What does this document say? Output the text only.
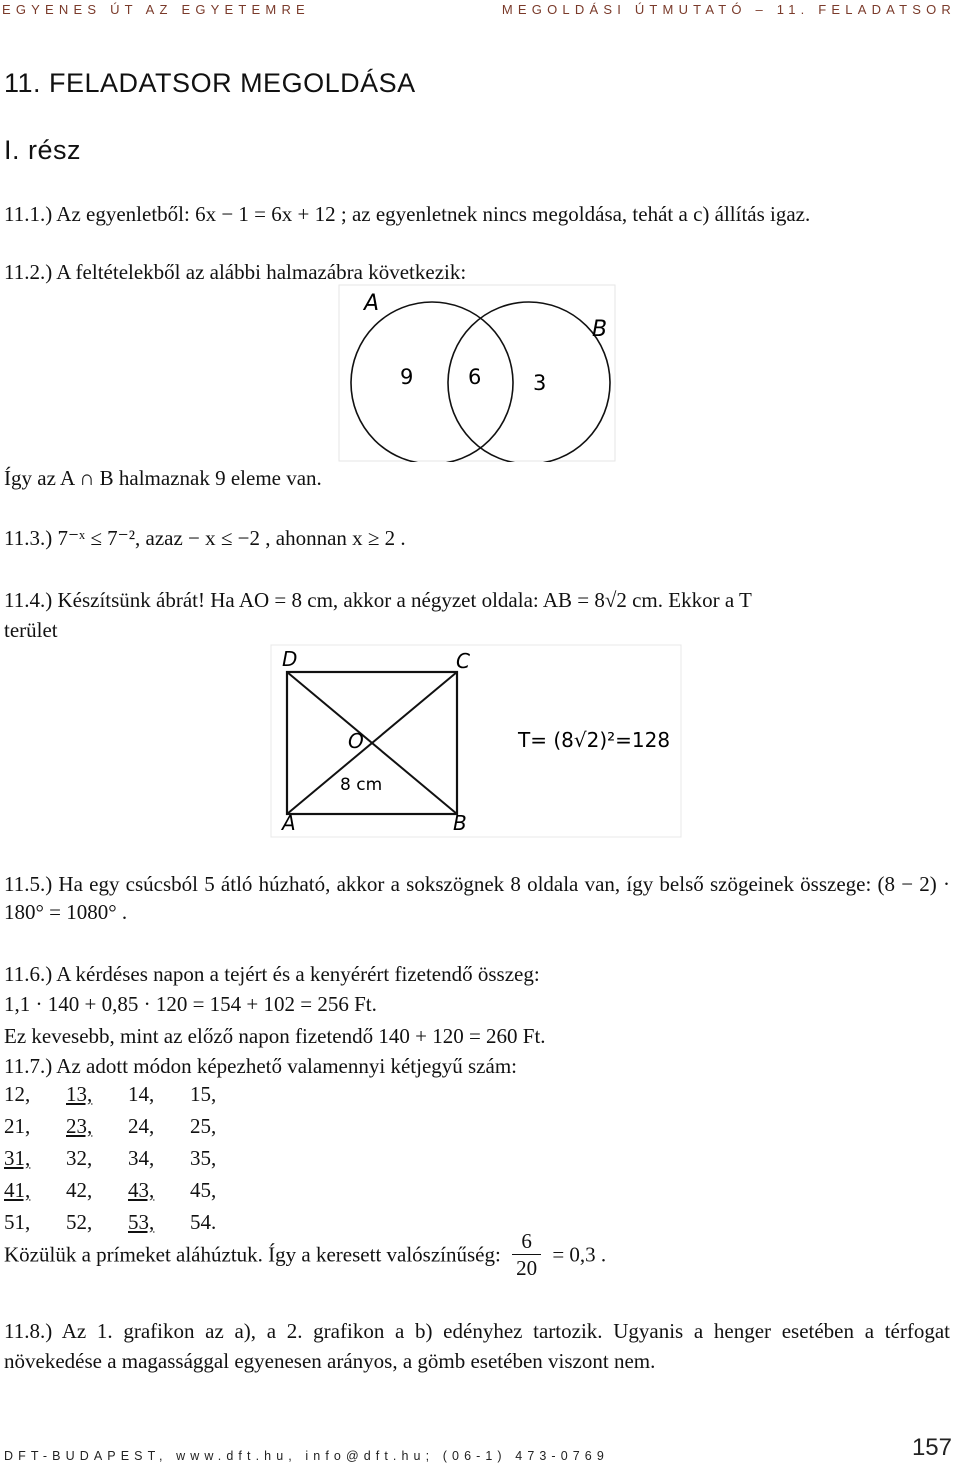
EGYENES ÚT AZ EGYETEMRE	MEGOLDÁSI ÚTMUTATÓ – 11. FELADATSOR
11. FELADATSOR MEGOLDÁSA
I. rész
11.1.) Az egyenletből: 6x − 1 = 6x + 12 ; az egyenletnek nincs megoldása, tehát a c) állítás igaz.
11.2.) A feltételekből az alábbi halmazábra következik:
A
B
9	6 3
Így az A ∩ B halmaznak 9 eleme van.
11.3.) 7⁻ˣ ≤ 7⁻², azaz − x ≤ −2 , ahonnan x ≥ 2 .
11.4.) Készítsünk ábrát! Ha AO = 8 cm, akkor a négyzet oldala: AB = 8√2 cm. Ekkor a T
terület
D	C
A	B
O
8 cm
T= (8√2)²=128
11.5.) Ha egy csúcsból 5 átló húzható, akkor a sokszögnek 8 oldala van, így belső szögeinek összege: (8 − 2) · 180° = 1080° .
11.6.) A kérdéses napon a tejért és a kenyérért fizetendő összeg:
1,1 · 140 + 0,85 · 120 = 154 + 102 = 256 Ft.
Ez kevesebb, mint az előző napon fizetendő 140 + 120 = 260 Ft.
11.7.) Az adott módon képezhető valamennyi kétjegyű szám:
12, 13, 14, 15,
21, 23, 24, 25,
31, 32, 34, 35,
41, 42, 43, 45,
51, 52, 53, 54.
Közülük a prímeket aláhúztuk. Így a keresett valószínűség: $\frac{6}{20} = 0,3$ .
11.8.) Az 1. grafikon az a), a 2. grafikon a b) edényhez tartozik. Ugyanis a henger esetében a térfogat növekedése a magassággal egyenesen arányos, a gömb esetében viszont nem.
DFT-BUDAPEST, www.dft.hu, info@dft.hu; (06-1) 473-0769	157
